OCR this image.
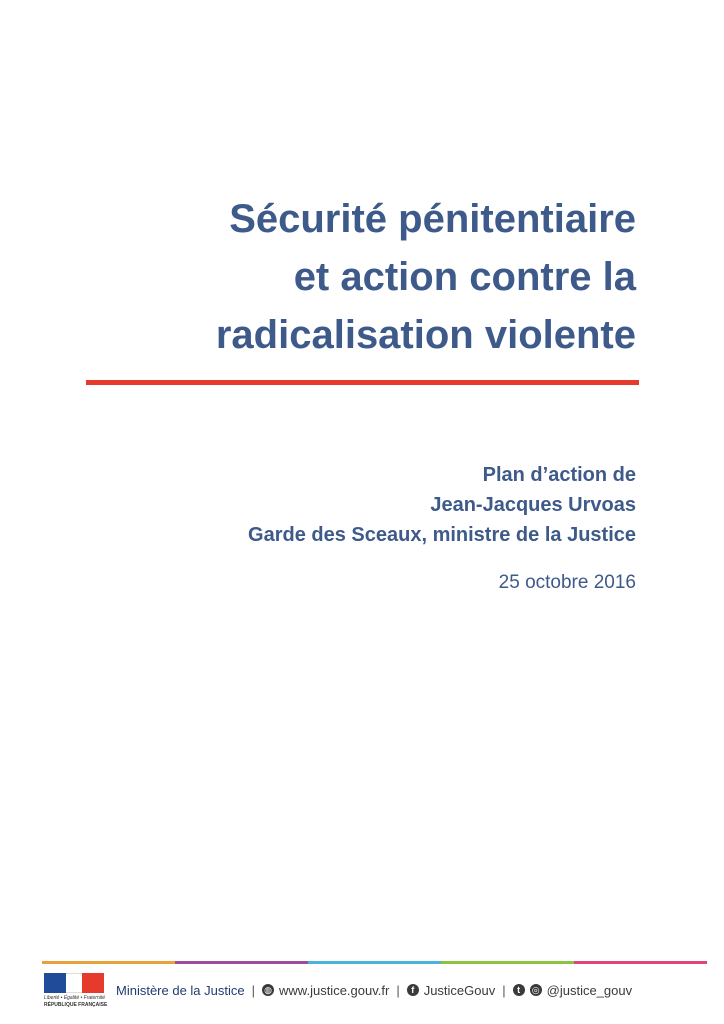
Sécurité pénitentiaire
et action contre la
radicalisation violente
Plan d’action de
Jean-Jacques Urvoas
Garde des Sceaux, ministre de la Justice
25 octobre 2016
Liberté • Égalité • Fraternité
RÉPUBLIQUE FRANÇAISE
Ministère de la Justice | ◍ www.justice.gouv.fr |	f JusticeGouv |	t	◎ @justice_gouv
